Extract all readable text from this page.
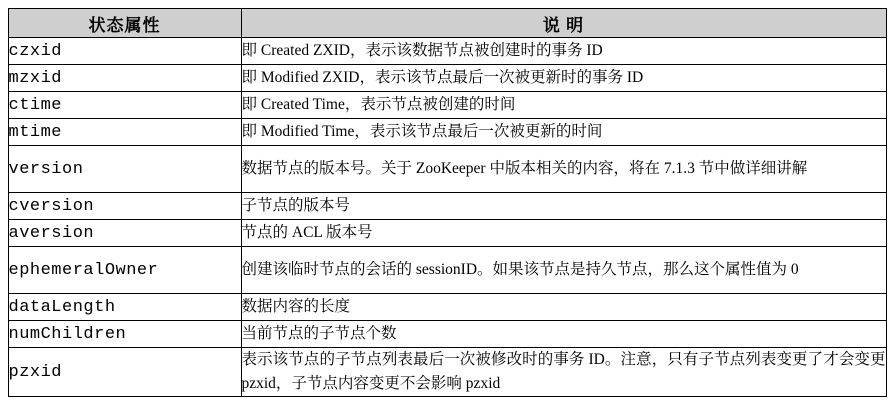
状态属性	说 明
czxid	即 Created ZXID，表示该数据节点被创建时的事务 ID
mzxid	即 Modified ZXID，表示该节点最后一次被更新时的事务 ID
ctime	即 Created Time，表示节点被创建的时间
mtime	即 Modified Time，表示该节点最后一次被更新的时间
version	数据节点的版本号。关于 ZooKeeper 中版本相关的内容，将在 7.1.3 节中做详细讲解
cversion	子节点的版本号
aversion	节点的 ACL 版本号
ephemeralOwner	创建该临时节点的会话的 sessionID。如果该节点是持久节点，那么这个属性值为 0
dataLength	数据内容的长度
numChildren	当前节点的子节点个数
pzxid	表示该节点的子节点列表最后一次被修改时的事务 ID。注意，只有子节点列表变更了才会变更 pzxid，子节点内容变更不会影响 pzxid
